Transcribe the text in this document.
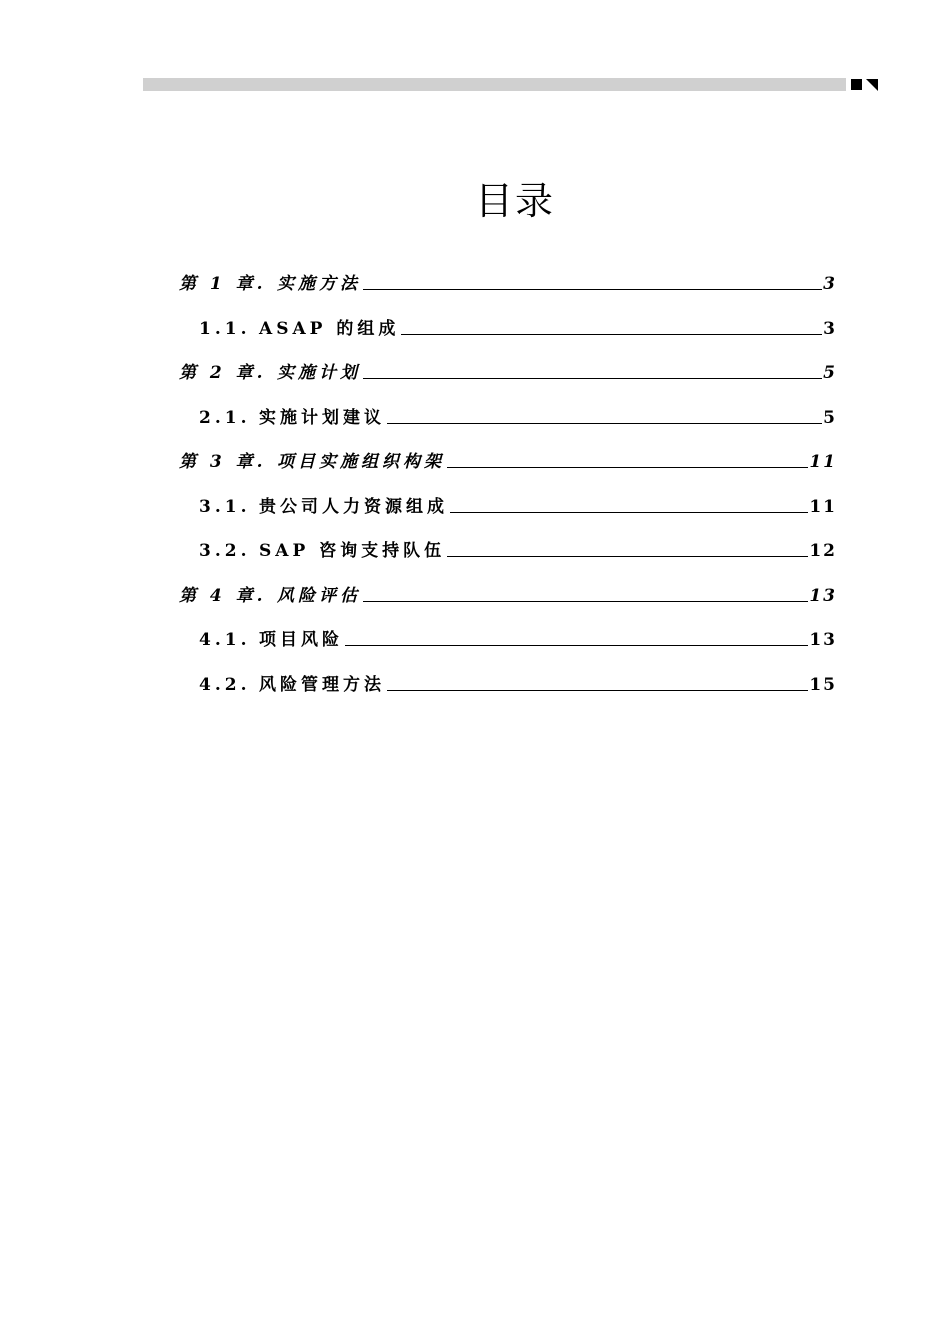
目录
第 1 章. 实施方法	3
1.1. ASAP 的组成	3
第 2 章. 实施计划	5
2.1. 实施计划建议	5
第 3 章. 项目实施组织构架	11
3.1. 贵公司人力资源组成	11
3.2. SAP 咨询支持队伍	12
第 4 章. 风险评估	13
4.1. 项目风险	13
4.2. 风险管理方法	15
